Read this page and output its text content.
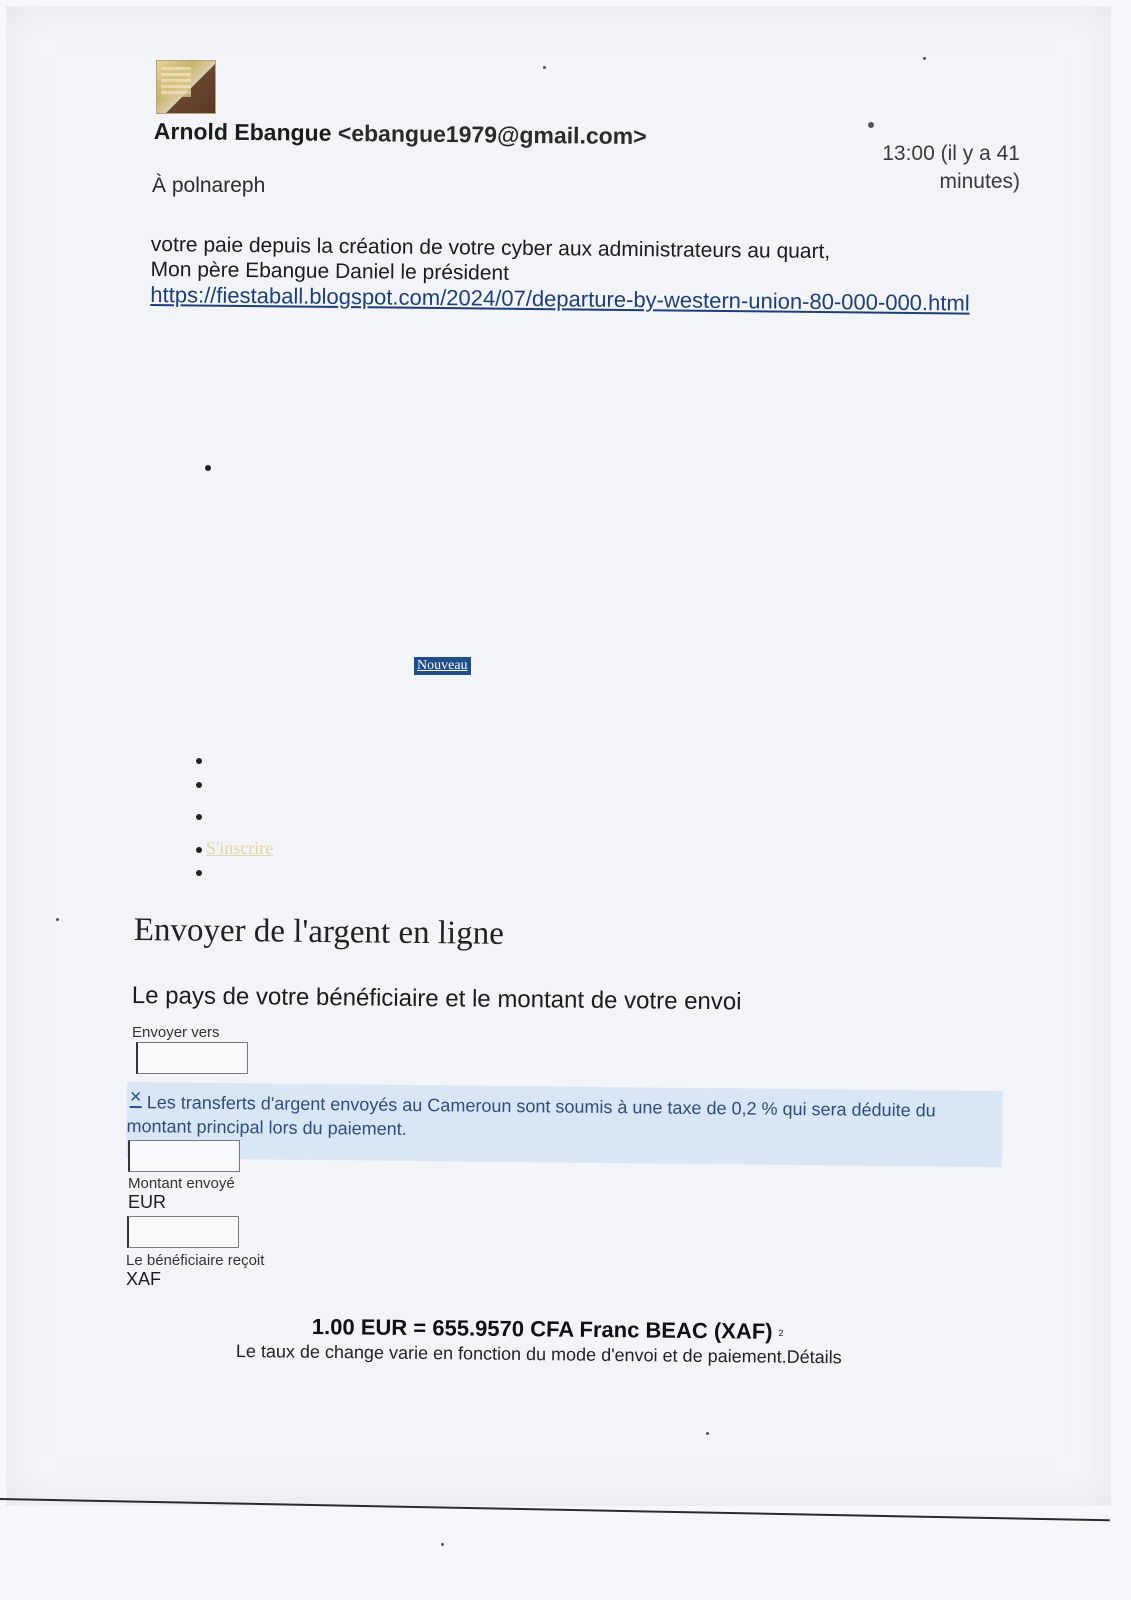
Arnold Ebangue <ebangue1979@gmail.com>
13:00 (il y a 41
minutes)
À polnareph
votre paie depuis la création de votre cyber aux administrateurs au quart,
Mon père Ebangue Daniel le président
https://fiestaball.blogspot.com/2024/07/departure-by-western-union-80-000-000.html
Nouveau
S'inscrire
Envoyer de l'argent en ligne
Le pays de votre bénéficiaire et le montant de votre envoi
Envoyer vers
× Les transferts d'argent envoyés au Cameroun sont soumis à une taxe de 0,2 % qui sera déduite du
montant principal lors du paiement.
Montant envoyé
EUR
Le bénéficiaire reçoit
XAF
1.00 EUR = 655.9570 CFA Franc BEAC (XAF) 2
Le taux de change varie en fonction du mode d'envoi et de paiement.Détails
